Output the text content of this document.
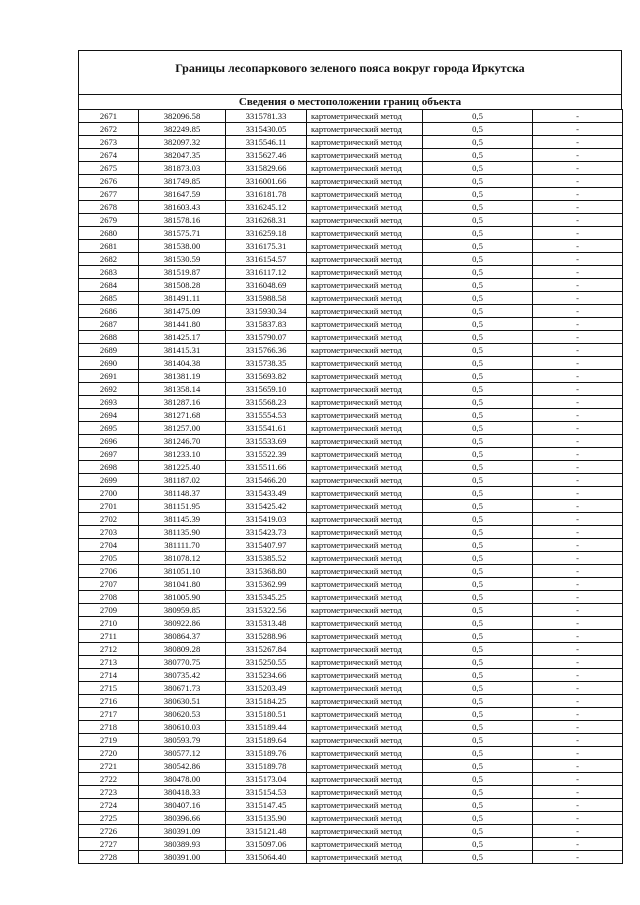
Границы лесопаркового зеленого пояса вокруг города Иркутска
Сведения о местоположении границ объекта
2671	382096.58	3315781.33	картометрический метод	0,5	-
2672	382249.85	3315430.05	картометрический метод	0,5	-
2673	382097.32	3315546.11	картометрический метод	0,5	-
2674	382047.35	3315627.46	картометрический метод	0,5	-
2675	381873.03	3315829.66	картометрический метод	0,5	-
2676	381749.85	3316001.66	картометрический метод	0,5	-
2677	381647.59	3316181.78	картометрический метод	0,5	-
2678	381603.43	3316245.12	картометрический метод	0,5	-
2679	381578.16	3316268.31	картометрический метод	0,5	-
2680	381575.71	3316259.18	картометрический метод	0,5	-
2681	381538.00	3316175.31	картометрический метод	0,5	-
2682	381530.59	3316154.57	картометрический метод	0,5	-
2683	381519.87	3316117.12	картометрический метод	0,5	-
2684	381508.28	3316048.69	картометрический метод	0,5	-
2685	381491.11	3315988.58	картометрический метод	0,5	-
2686	381475.09	3315930.34	картометрический метод	0,5	-
2687	381441.80	3315837.83	картометрический метод	0,5	-
2688	381425.17	3315790.07	картометрический метод	0,5	-
2689	381415.31	3315766.36	картометрический метод	0,5	-
2690	381404.38	3315738.35	картометрический метод	0,5	-
2691	381381.19	3315693.82	картометрический метод	0,5	-
2692	381358.14	3315659.10	картометрический метод	0,5	-
2693	381287.16	3315568.23	картометрический метод	0,5	-
2694	381271.68	3315554.53	картометрический метод	0,5	-
2695	381257.00	3315541.61	картометрический метод	0,5	-
2696	381246.70	3315533.69	картометрический метод	0,5	-
2697	381233.10	3315522.39	картометрический метод	0,5	-
2698	381225.40	3315511.66	картометрический метод	0,5	-
2699	381187.02	3315466.20	картометрический метод	0,5	-
2700	381148.37	3315433.49	картометрический метод	0,5	-
2701	381151.95	3315425.42	картометрический метод	0,5	-
2702	381145.39	3315419.03	картометрический метод	0,5	-
2703	381135.90	3315423.73	картометрический метод	0,5	-
2704	381111.70	3315407.97	картометрический метод	0,5	-
2705	381078.12	3315385.52	картометрический метод	0,5	-
2706	381051.10	3315368.80	картометрический метод	0,5	-
2707	381041.80	3315362.99	картометрический метод	0,5	-
2708	381005.90	3315345.25	картометрический метод	0,5	-
2709	380959.85	3315322.56	картометрический метод	0,5	-
2710	380922.86	3315313.48	картометрический метод	0,5	-
2711	380864.37	3315288.96	картометрический метод	0,5	-
2712	380809.28	3315267.84	картометрический метод	0,5	-
2713	380770.75	3315250.55	картометрический метод	0,5	-
2714	380735.42	3315234.66	картометрический метод	0,5	-
2715	380671.73	3315203.49	картометрический метод	0,5	-
2716	380630.51	3315184.25	картометрический метод	0,5	-
2717	380620.53	3315180.51	картометрический метод	0,5	-
2718	380610.03	3315189.44	картометрический метод	0,5	-
2719	380593.79	3315189.64	картометрический метод	0,5	-
2720	380577.12	3315189.76	картометрический метод	0,5	-
2721	380542.86	3315189.78	картометрический метод	0,5	-
2722	380478.00	3315173.04	картометрический метод	0,5	-
2723	380418.33	3315154.53	картометрический метод	0,5	-
2724	380407.16	3315147.45	картометрический метод	0,5	-
2725	380396.66	3315135.90	картометрический метод	0,5	-
2726	380391.09	3315121.48	картометрический метод	0,5	-
2727	380389.93	3315097.06	картометрический метод	0,5	-
2728	380391.00	3315064.40	картометрический метод	0,5	-
